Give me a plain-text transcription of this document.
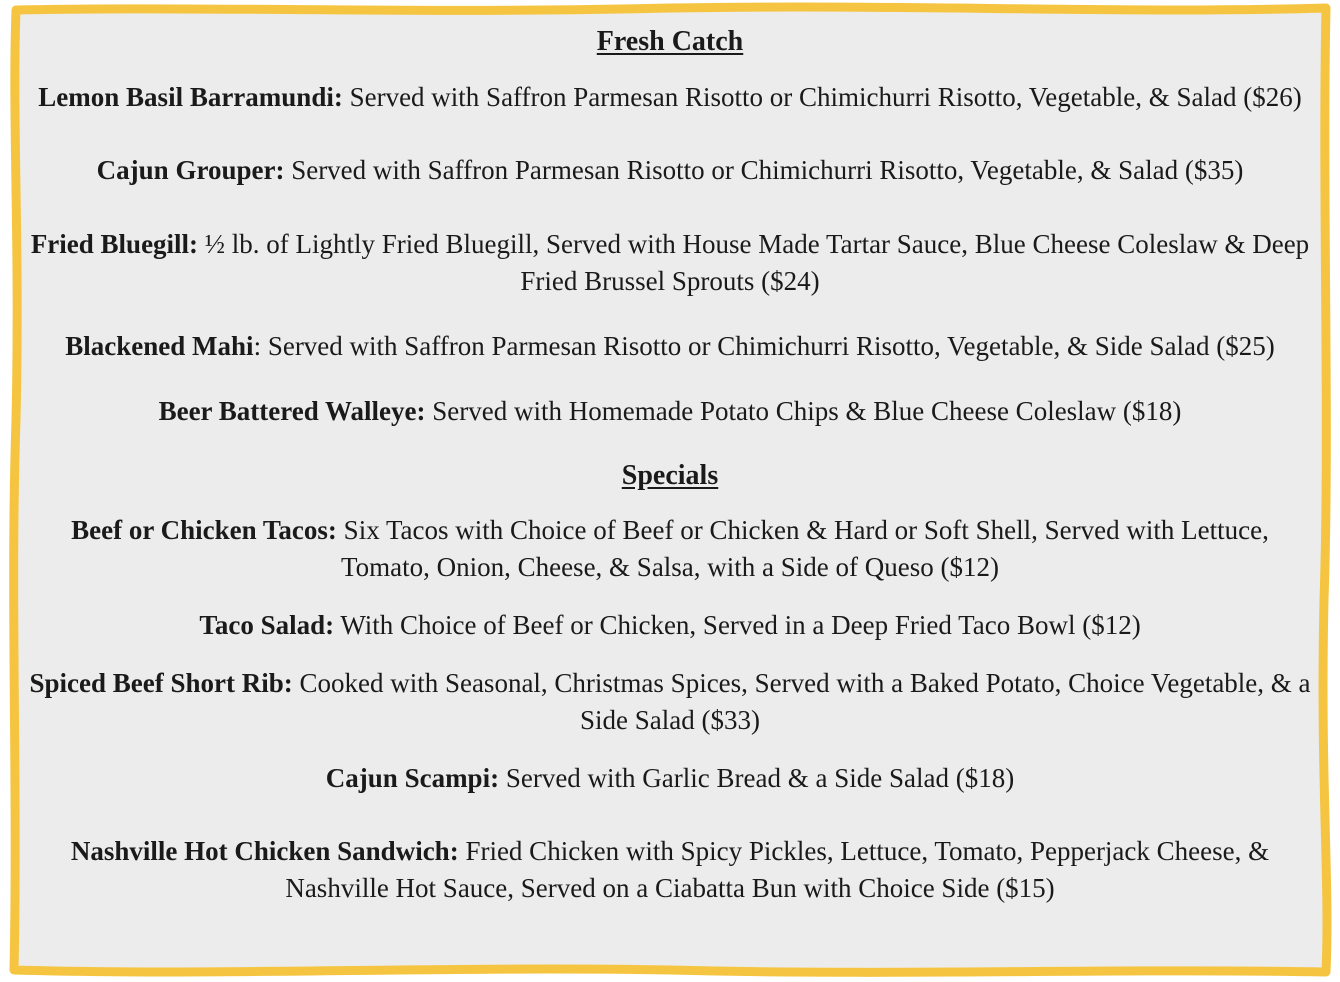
Fresh Catch

Lemon Basil Barramundi: Served with Saffron Parmesan Risotto or Chimichurri Risotto, Vegetable, & Salad ($26)

Cajun Grouper: Served with Saffron Parmesan Risotto or Chimichurri Risotto, Vegetable, & Salad ($35)

Fried Bluegill: ½ lb. of Lightly Fried Bluegill, Served with House Made Tartar Sauce, Blue Cheese Coleslaw & Deep Fried Brussel Sprouts ($24)

Blackened Mahi: Served with Saffron Parmesan Risotto or Chimichurri Risotto, Vegetable, & Side Salad ($25)

Beer Battered Walleye: Served with Homemade Potato Chips & Blue Cheese Coleslaw ($18)

Specials

Beef or Chicken Tacos: Six Tacos with Choice of Beef or Chicken & Hard or Soft Shell, Served with Lettuce, Tomato, Onion, Cheese, & Salsa, with a Side of Queso ($12)

Taco Salad: With Choice of Beef or Chicken, Served in a Deep Fried Taco Bowl ($12)

Spiced Beef Short Rib: Cooked with Seasonal, Christmas Spices, Served with a Baked Potato, Choice Vegetable, & a Side Salad ($33)

Cajun Scampi: Served with Garlic Bread & a Side Salad ($18)

Nashville Hot Chicken Sandwich: Fried Chicken with Spicy Pickles, Lettuce, Tomato, Pepperjack Cheese, & Nashville Hot Sauce, Served on a Ciabatta Bun with Choice Side ($15)
